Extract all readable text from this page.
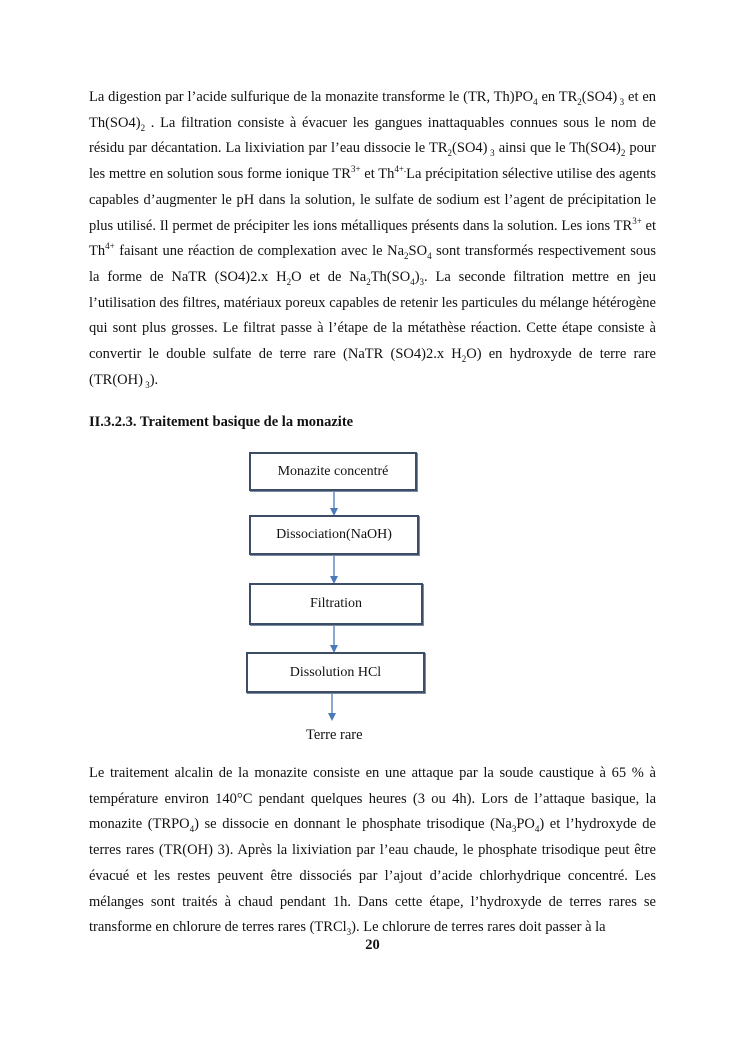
La digestion par l’acide sulfurique de la monazite transforme le (TR, $Th)PO_4$ en $TR_2(SO4)$ $_3$ et en $Th(SO4)_2$ . La filtration consiste à évacuer les gangues inattaquables connues sous le nom de résidu par décantation. La lixiviation par l’eau dissocie le $TR_2(SO4)$ $_3$ ainsi que le $Th(SO4)_2$ pour les mettre en solution sous forme ionique $TR^{3+}$ et $Th^{4+.}La$ précipitation sélective utilise des agents capables d’augmenter le pH dans la solution, le sulfate de sodium est l’agent de précipitation le plus utilisé. Il permet de précipiter les ions métalliques présents dans la solution. Les ions $TR^{3+}$ et $Th^{4+}$ faisant une réaction de complexation avec le $Na_2SO_4$ sont transformés respectivement sous la forme de NaTR (SO4)2.x $H_2O$ et de $Na_2Th(SO_4)_3$. La seconde filtration mettre en jeu l’utilisation des filtres, matériaux poreux capables de retenir les particules du mélange hétérogène qui sont plus grosses. Le filtrat passe à l’étape de la métathèse réaction. Cette étape consiste à convertir le double sulfate de terre rare (NaTR (SO4)2.x $H_2O$) en hydroxyde de terre rare (TR(OH) $_3$).

II.3.2.3. Traitement basique de la monazite

Monazite concentré
Dissociation(NaOH)
Filtration
Dissolution HCl

Terre rare

Le traitement alcalin de la monazite consiste en une attaque par la soude caustique à 65 % à température environ 140°C pendant quelques heures (3 ou 4h). Lors de l’attaque basique, la monazite $(TRPO_4)$ se dissocie en donnant le phosphate trisodique $(Na_3PO_4)$ et l’hydroxyde de terres rares (TR(OH) 3). Après la lixiviation par l’eau chaude, le phosphate trisodique peut être évacué et les restes peuvent être dissociés par l’ajout d’acide chlorhydrique concentré. Les mélanges sont traités à chaud pendant 1h. Dans cette étape, l’hydroxyde de terres rares se transforme en chlorure de terres rares (TRCl$_3$). Le chlorure de terres rares doit passer à la

20
